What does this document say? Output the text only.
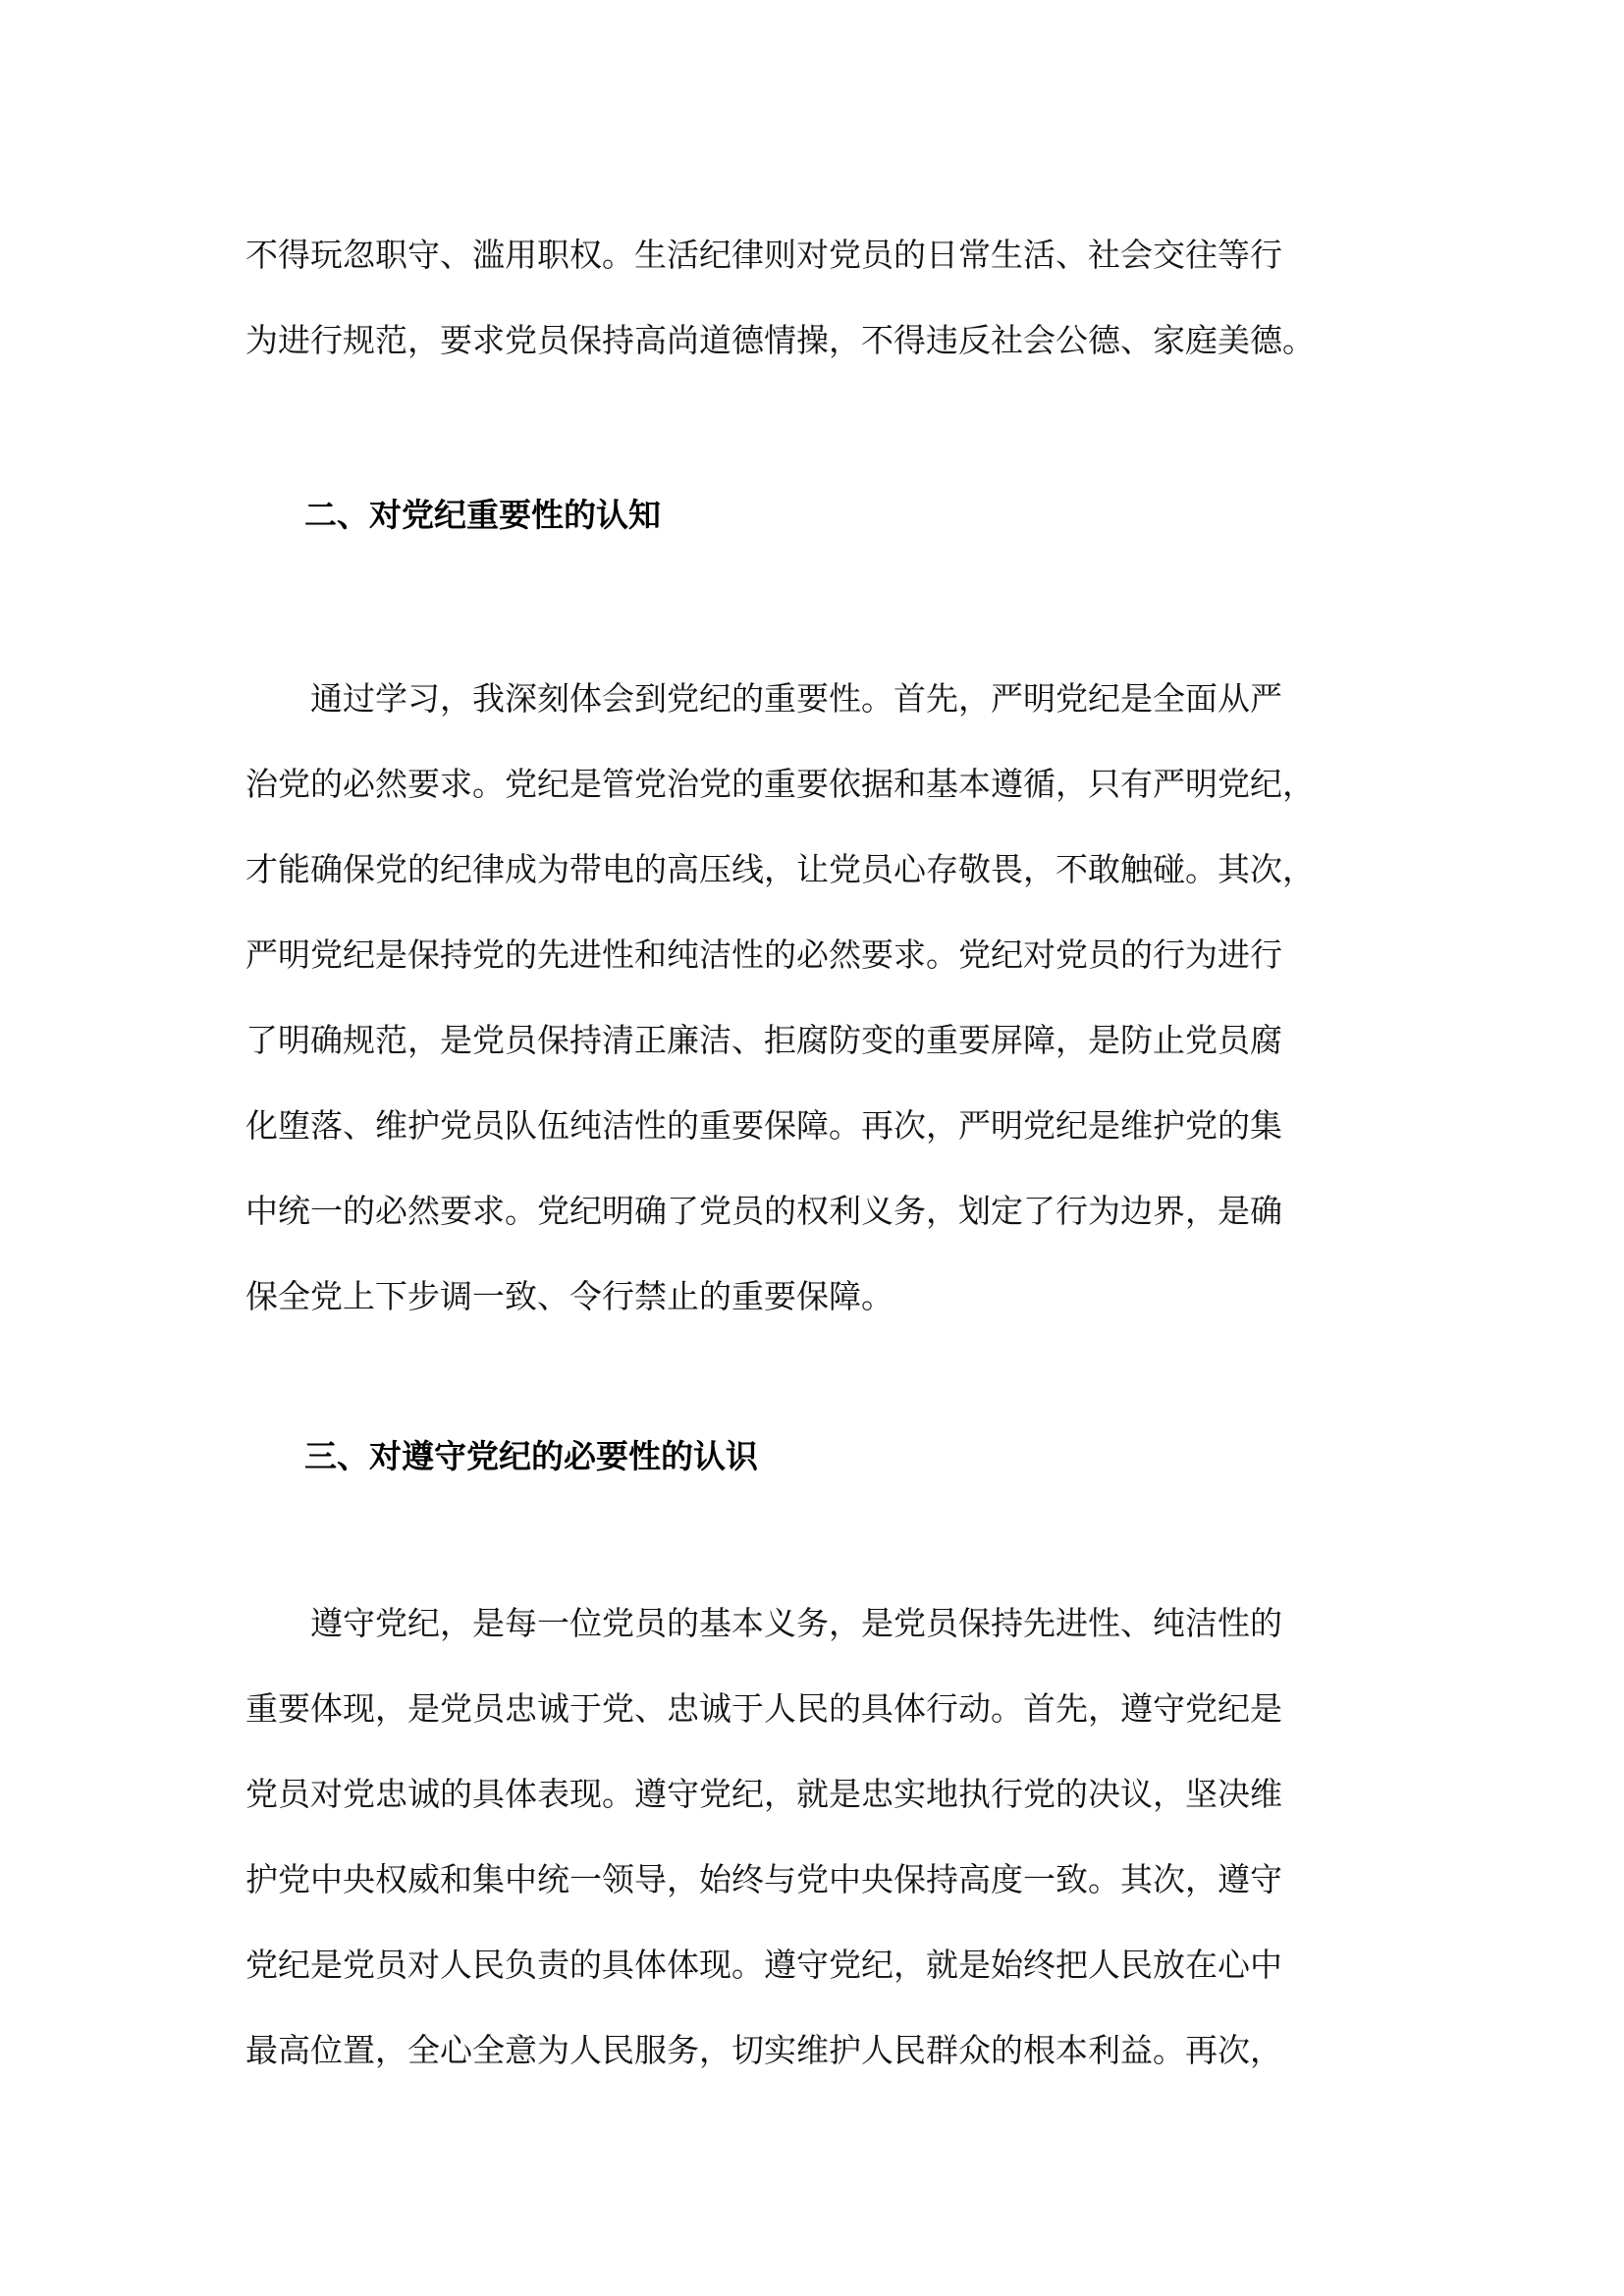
不得玩忽职守、滥用职权。生活纪律则对党员的日常生活、社会交往等行
为进行规范，要求党员保持高尚道德情操，不得违反社会公德、家庭美德。
二、对党纪重要性的认知
通过学习，我深刻体会到党纪的重要性。首先，严明党纪是全面从严
治党的必然要求。党纪是管党治党的重要依据和基本遵循，只有严明党纪，
才能确保党的纪律成为带电的高压线，让党员心存敬畏，不敢触碰。其次，
严明党纪是保持党的先进性和纯洁性的必然要求。党纪对党员的行为进行
了明确规范，是党员保持清正廉洁、拒腐防变的重要屏障，是防止党员腐
化堕落、维护党员队伍纯洁性的重要保障。再次，严明党纪是维护党的集
中统一的必然要求。党纪明确了党员的权利义务，划定了行为边界，是确
保全党上下步调一致、令行禁止的重要保障。
三、对遵守党纪的必要性的认识
遵守党纪，是每一位党员的基本义务，是党员保持先进性、纯洁性的
重要体现，是党员忠诚于党、忠诚于人民的具体行动。首先，遵守党纪是
党员对党忠诚的具体表现。遵守党纪，就是忠实地执行党的决议，坚决维
护党中央权威和集中统一领导，始终与党中央保持高度一致。其次，遵守
党纪是党员对人民负责的具体体现。遵守党纪，就是始终把人民放在心中
最高位置，全心全意为人民服务，切实维护人民群众的根本利益。再次，
